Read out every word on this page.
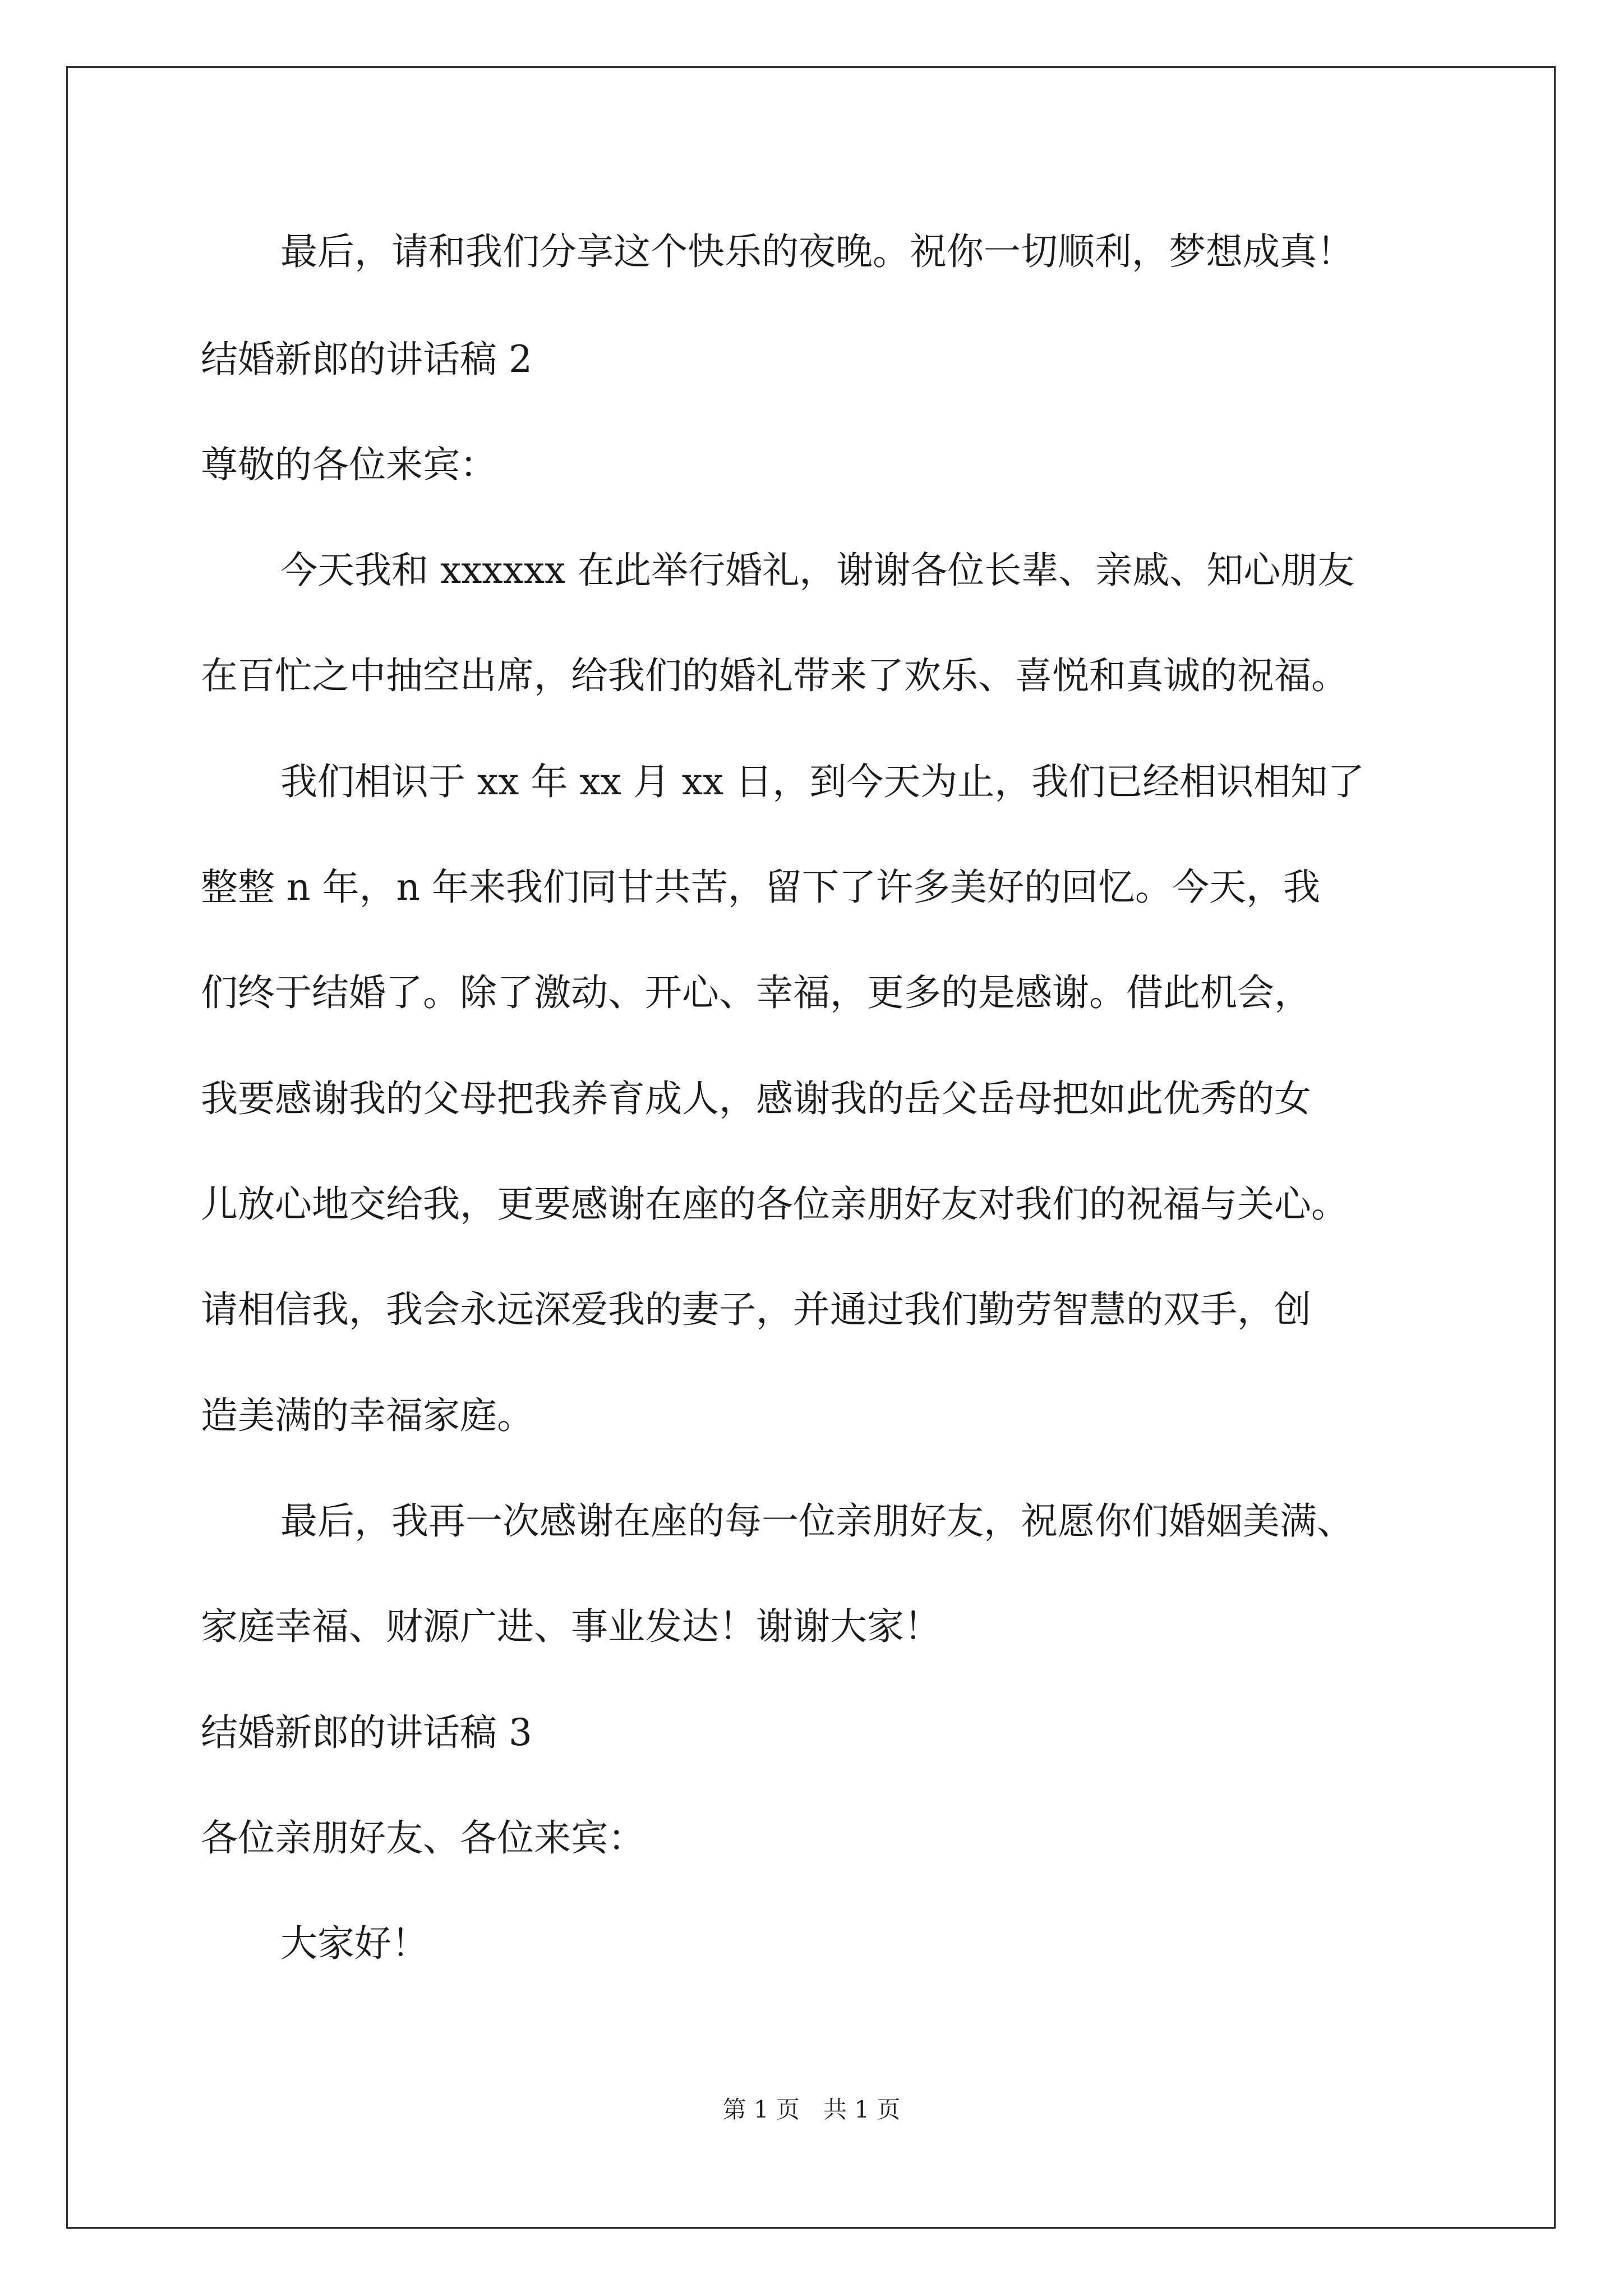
最后，请和我们分享这个快乐的夜晚。祝你一切顺利，梦想成真！
结婚新郎的讲话稿 2
尊敬的各位来宾：
今天我和 xxxxxx 在此举行婚礼，谢谢各位长辈、亲戚、知心朋友
在百忙之中抽空出席，给我们的婚礼带来了欢乐、喜悦和真诚的祝福。
我们相识于 xx 年 xx 月 xx 日，到今天为止，我们已经相识相知了
整整 n 年，n 年来我们同甘共苦，留下了许多美好的回忆。今天，我
们终于结婚了。除了激动、开心、幸福，更多的是感谢。借此机会，
我要感谢我的父母把我养育成人，感谢我的岳父岳母把如此优秀的女
儿放心地交给我，更要感谢在座的各位亲朋好友对我们的祝福与关心。
请相信我，我会永远深爱我的妻子，并通过我们勤劳智慧的双手，创
造美满的幸福家庭。
最后，我再一次感谢在座的每一位亲朋好友，祝愿你们婚姻美满、
家庭幸福、财源广进、事业发达！谢谢大家！
结婚新郎的讲话稿 3
各位亲朋好友、各位来宾：
大家好！
第 1 页　共 1 页
